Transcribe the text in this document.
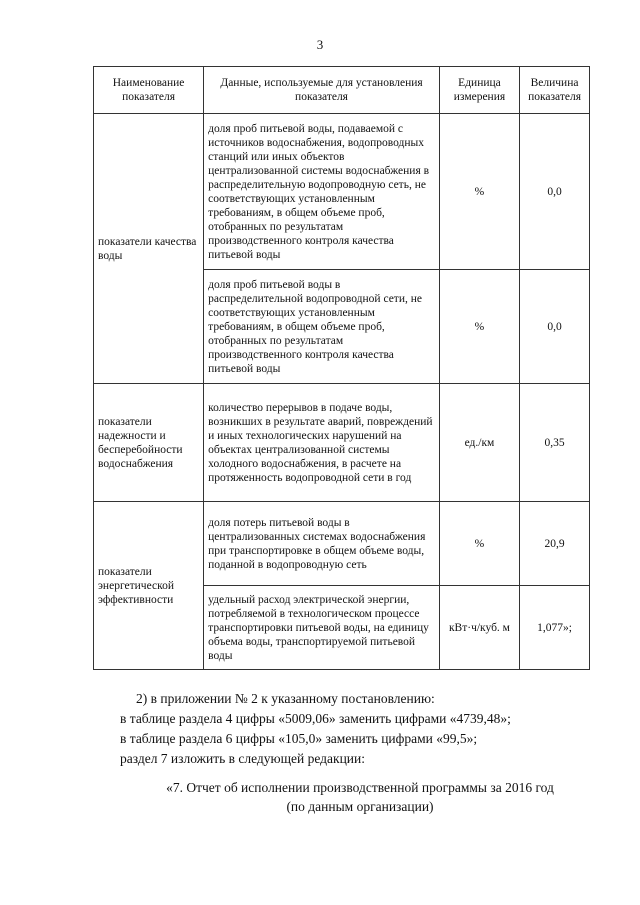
3
Наименование показателя	Данные, используемые для установления показателя	Единица измерения	Величина показателя
показатели качества воды	доля проб питьевой воды, подаваемой с источников водоснабжения, водопроводных станций или иных объектов централизованной системы водоснабжения в распределительную водопроводную сеть, не соответствующих установленным требованиям, в общем объеме проб, отобранных по результатам производственного контроля качества питьевой воды	%	0,0
	доля проб питьевой воды в распределительной водопроводной сети, не соответствующих установленным требованиям, в общем объеме проб, отобранных по результатам производственного контроля качества питьевой воды	%	0,0
показатели надежности и бесперебойности водоснабжения	количество перерывов в подаче воды, возникших в результате аварий, повреждений и иных технологических нарушений на объектах централизованной системы холодного водоснабжения, в расчете на протяженность водопроводной сети в год	ед./км	0,35
показатели энергетической эффективности	доля потерь питьевой воды в централизованных системах водоснабжения при транспортировке в общем объеме воды, поданной в водопроводную сеть	%	20,9
	удельный расход электрической энергии, потребляемой в технологическом процессе транспортировки питьевой воды, на единицу объема воды, транспортируемой питьевой воды	кВт·ч/куб. м	1,077»;
2) в приложении № 2 к указанному постановлению:
в таблице раздела 4 цифры «5009,06» заменить цифрами «4739,48»;
в таблице раздела 6 цифры «105,0» заменить цифрами «99,5»;
раздел 7 изложить в следующей редакции:
«7. Отчет об исполнении производственной программы за 2016 год
(по данным организации)
